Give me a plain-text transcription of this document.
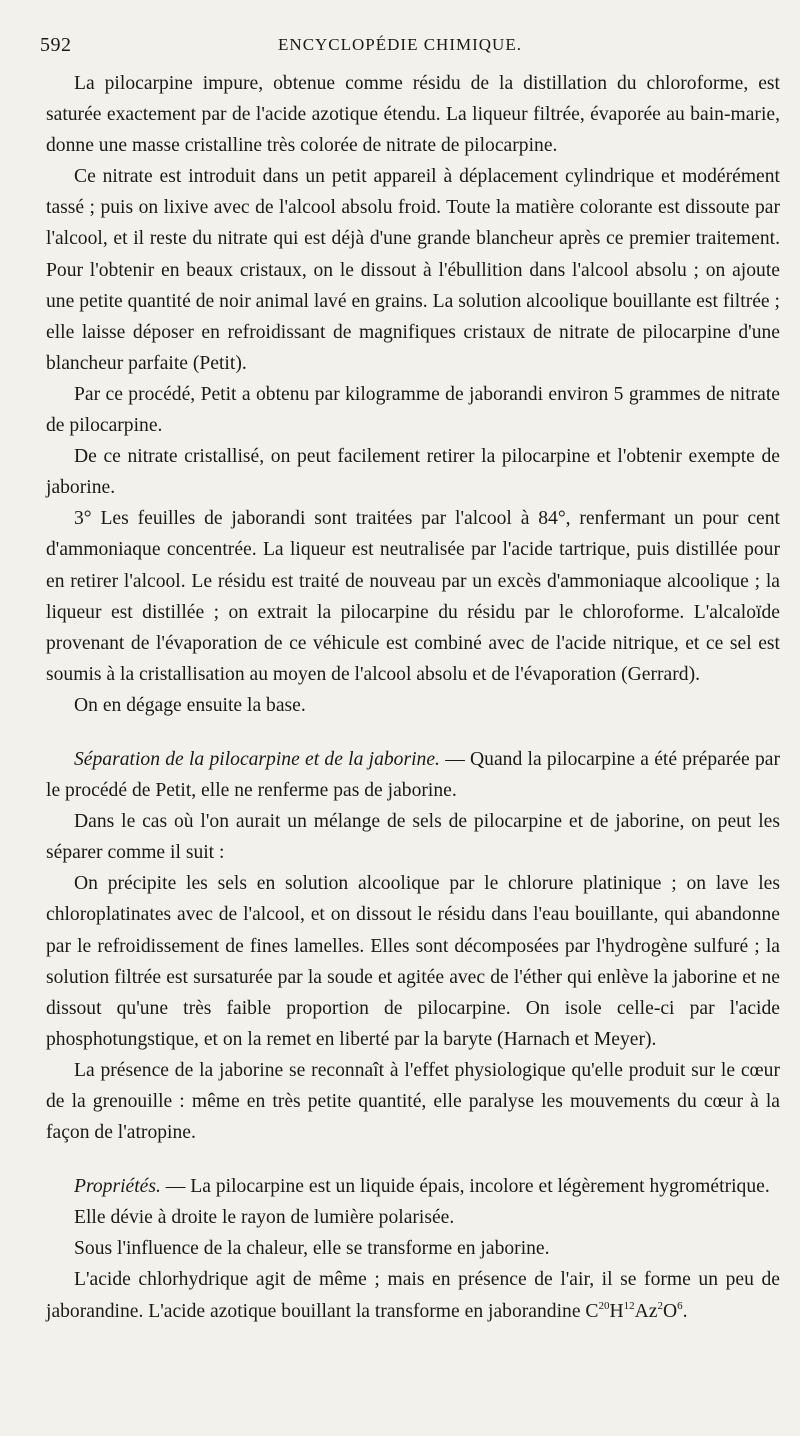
592	ENCYCLOPÉDIE CHIMIQUE.

La pilocarpine impure, obtenue comme résidu de la distillation du chloroforme, est saturée exactement par de l'acide azotique étendu. La liqueur filtrée, évaporée au bain-marie, donne une masse cristalline très colorée de nitrate de pilocarpine.

Ce nitrate est introduit dans un petit appareil à déplacement cylindrique et modérément tassé ; puis on lixive avec de l'alcool absolu froid. Toute la matière colorante est dissoute par l'alcool, et il reste du nitrate qui est déjà d'une grande blancheur après ce premier traitement. Pour l'obtenir en beaux cristaux, on le dissout à l'ébullition dans l'alcool absolu ; on ajoute une petite quantité de noir animal lavé en grains. La solution alcoolique bouillante est filtrée ; elle laisse déposer en refroidissant de magnifiques cristaux de nitrate de pilocarpine d'une blancheur parfaite (Petit).

Par ce procédé, Petit a obtenu par kilogramme de jaborandi environ 5 grammes de nitrate de pilocarpine.

De ce nitrate cristallisé, on peut facilement retirer la pilocarpine et l'obtenir exempte de jaborine.

3° Les feuilles de jaborandi sont traitées par l'alcool à 84°, renfermant un pour cent d'ammoniaque concentrée. La liqueur est neutralisée par l'acide tartrique, puis distillée pour en retirer l'alcool. Le résidu est traité de nouveau par un excès d'ammoniaque alcoolique ; la liqueur est distillée ; on extrait la pilocarpine du résidu par le chloroforme. L'alcaloïde provenant de l'évaporation de ce véhicule est combiné avec de l'acide nitrique, et ce sel est soumis à la cristallisation au moyen de l'alcool absolu et de l'évaporation (Gerrard).

On en dégage ensuite la base.

Séparation de la pilocarpine et de la jaborine. — Quand la pilocarpine a été préparée par le procédé de Petit, elle ne renferme pas de jaborine.

Dans le cas où l'on aurait un mélange de sels de pilocarpine et de jaborine, on peut les séparer comme il suit :

On précipite les sels en solution alcoolique par le chlorure platinique ; on lave les chloroplatinates avec de l'alcool, et on dissout le résidu dans l'eau bouillante, qui abandonne par le refroidissement de fines lamelles. Elles sont décomposées par l'hydrogène sulfuré ; la solution filtrée est sursaturée par la soude et agitée avec de l'éther qui enlève la jaborine et ne dissout qu'une très faible proportion de pilocarpine. On isole celle-ci par l'acide phosphotungstique, et on la remet en liberté par la baryte (Harnach et Meyer).

La présence de la jaborine se reconnaît à l'effet physiologique qu'elle produit sur le cœur de la grenouille : même en très petite quantité, elle paralyse les mouvements du cœur à la façon de l'atropine.

Propriétés. — La pilocarpine est un liquide épais, incolore et légèrement hygrométrique.

Elle dévie à droite le rayon de lumière polarisée.

Sous l'influence de la chaleur, elle se transforme en jaborine.

L'acide chlorhydrique agit de même ; mais en présence de l'air, il se forme un peu de jaborandine. L'acide azotique bouillant la transforme en jaborandine $C^{20}H^{12}Az^2O^6$.
